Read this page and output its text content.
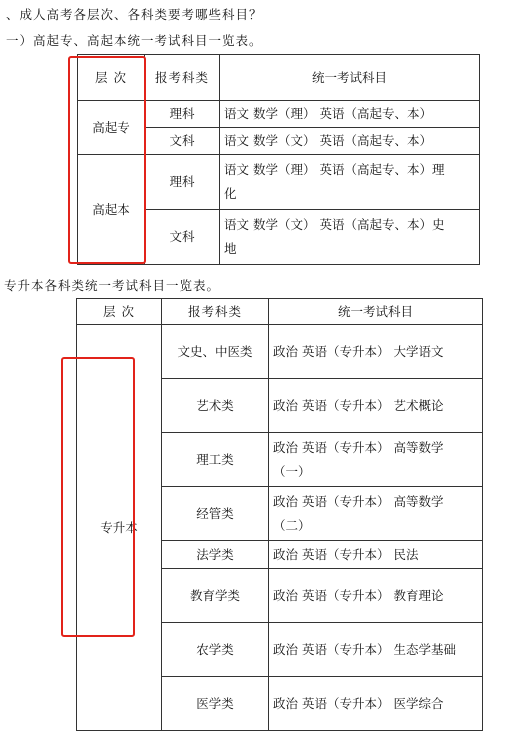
、成人高考各层次、各科类要考哪些科目？
一）高起专、高起本统一考试科目一览表。
层 次	报考科类	统一考试科目
高起专	理科	语文 数学（理） 英语（高起专、本）
	文科	语文 数学（文） 英语（高起专、本）
高起本	理科	语文 数学（理） 英语（高起专、本）理化
	文科	语文 数学（文） 英语（高起专、本）史地
专升本各科类统一考试科目一览表。
层 次	报考科类	统一考试科目
专升本	文史、中医类	政治 英语（专升本） 大学语文
	艺术类	政治 英语（专升本） 艺术概论
	理工类	政治 英语（专升本） 高等数学（一）
	经管类	政治 英语（专升本） 高等数学（二）
	法学类	政治 英语（专升本） 民法
	教育学类	政治 英语（专升本） 教育理论
	农学类	政治 英语（专升本） 生态学基础
	医学类	政治 英语（专升本） 医学综合
